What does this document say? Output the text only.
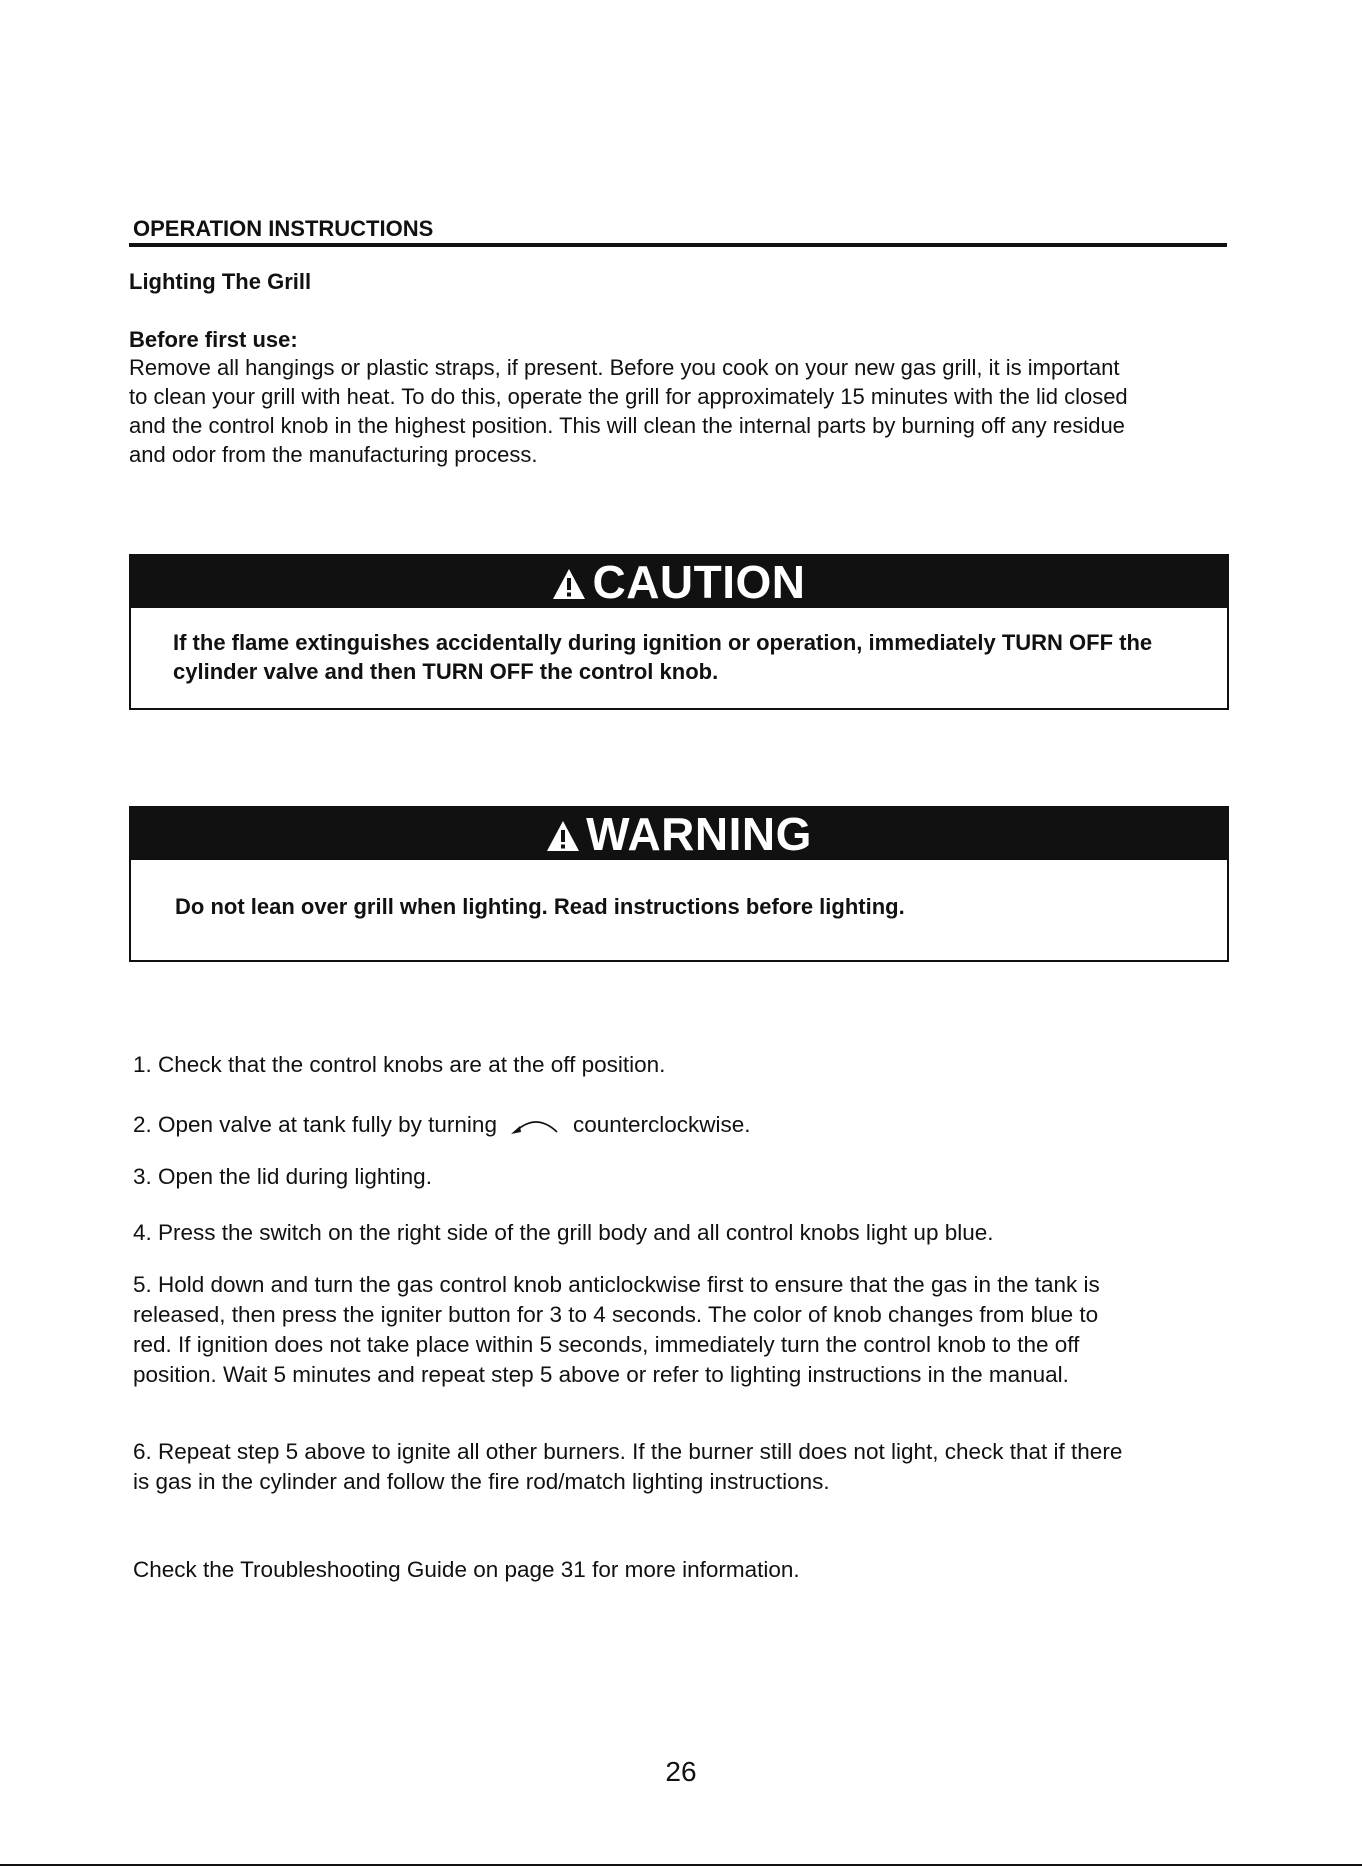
OPERATION INSTRUCTIONS
Lighting The Grill
Before first use:
Remove all hangings or plastic straps, if present. Before you cook on your new gas grill, it is important
to clean your grill with heat. To do this, operate the grill for approximately 15 minutes with the lid closed
and the control knob in the highest position. This will clean the internal parts by burning off any residue
and odor from the manufacturing process.
CAUTION
If the flame extinguishes accidentally during ignition or operation, immediately TURN OFF the
cylinder valve and then TURN OFF the control knob.
WARNING
Do not lean over grill when lighting. Read instructions before lighting.
1. Check that the control knobs are at the off position.
2. Open valve at tank fully by turning	counterclockwise.
3. Open the lid during lighting.
4. Press the switch on the right side of the grill body and all control knobs light up blue.
5. Hold down and turn the gas control knob anticlockwise first to ensure that the gas in the tank is
released, then press the igniter button for 3 to 4 seconds. The color of knob changes from blue to
red. If ignition does not take place within 5 seconds, immediately turn the control knob to the off
position. Wait 5 minutes and repeat step 5 above or refer to lighting instructions in the manual.
6. Repeat step 5 above to ignite all other burners. If the burner still does not light, check that if there
is gas in the cylinder and follow the fire rod/match lighting instructions.
Check the Troubleshooting Guide on page 31 for more information.
26
